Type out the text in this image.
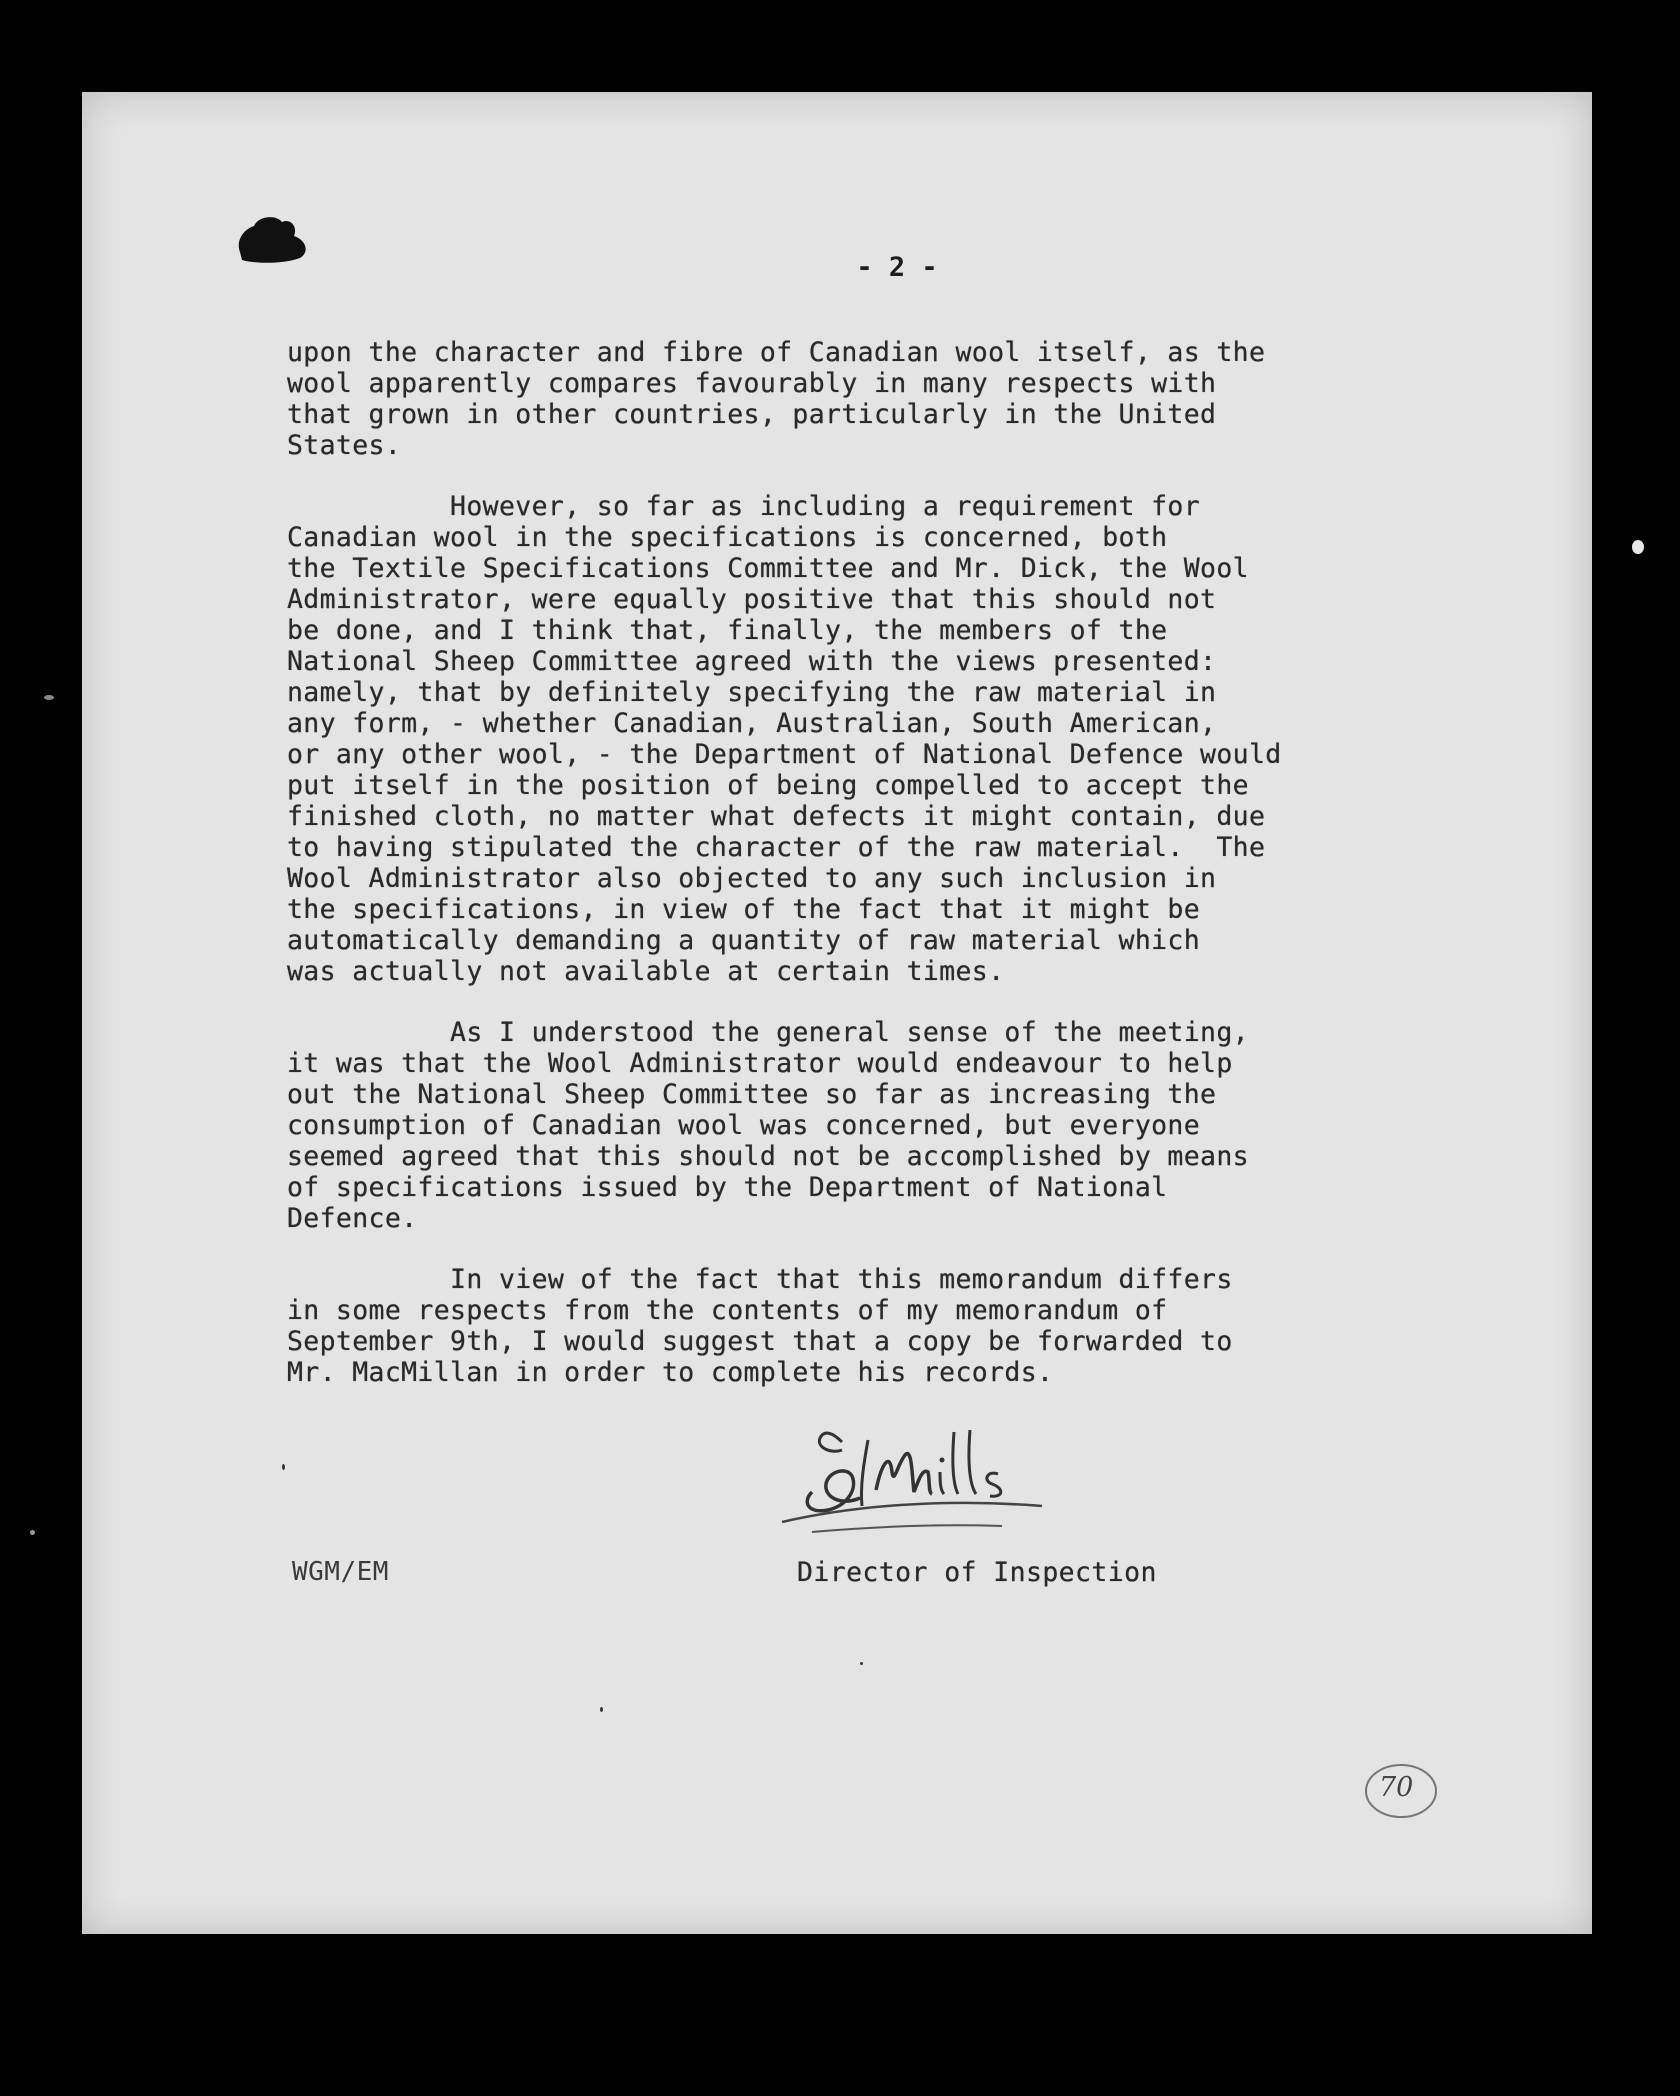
- 2 -
upon the character and fibre of Canadian wool itself, as the
wool apparently compares favourably in many respects with
that grown in other countries, particularly in the United
States.
However, so far as including a requirement for
Canadian wool in the specifications is concerned, both
the Textile Specifications Committee and Mr. Dick, the Wool
Administrator, were equally positive that this should not
be done, and I think that, finally, the members of the
National Sheep Committee agreed with the views presented:
namely, that by definitely specifying the raw material in
any form, - whether Canadian, Australian, South American,
or any other wool, - the Department of National Defence would
put itself in the position of being compelled to accept the
finished cloth, no matter what defects it might contain, due
to having stipulated the character of the raw material.  The
Wool Administrator also objected to any such inclusion in
the specifications, in view of the fact that it might be
automatically demanding a quantity of raw material which
was actually not available at certain times.
As I understood the general sense of the meeting,
it was that the Wool Administrator would endeavour to help
out the National Sheep Committee so far as increasing the
consumption of Canadian wool was concerned, but everyone
seemed agreed that this should not be accomplished by means
of specifications issued by the Department of National
Defence.
In view of the fact that this memorandum differs
in some respects from the contents of my memorandum of
September 9th, I would suggest that a copy be forwarded to
Mr. MacMillan in order to complete his records.
WGM/EM	Director of Inspection
70
